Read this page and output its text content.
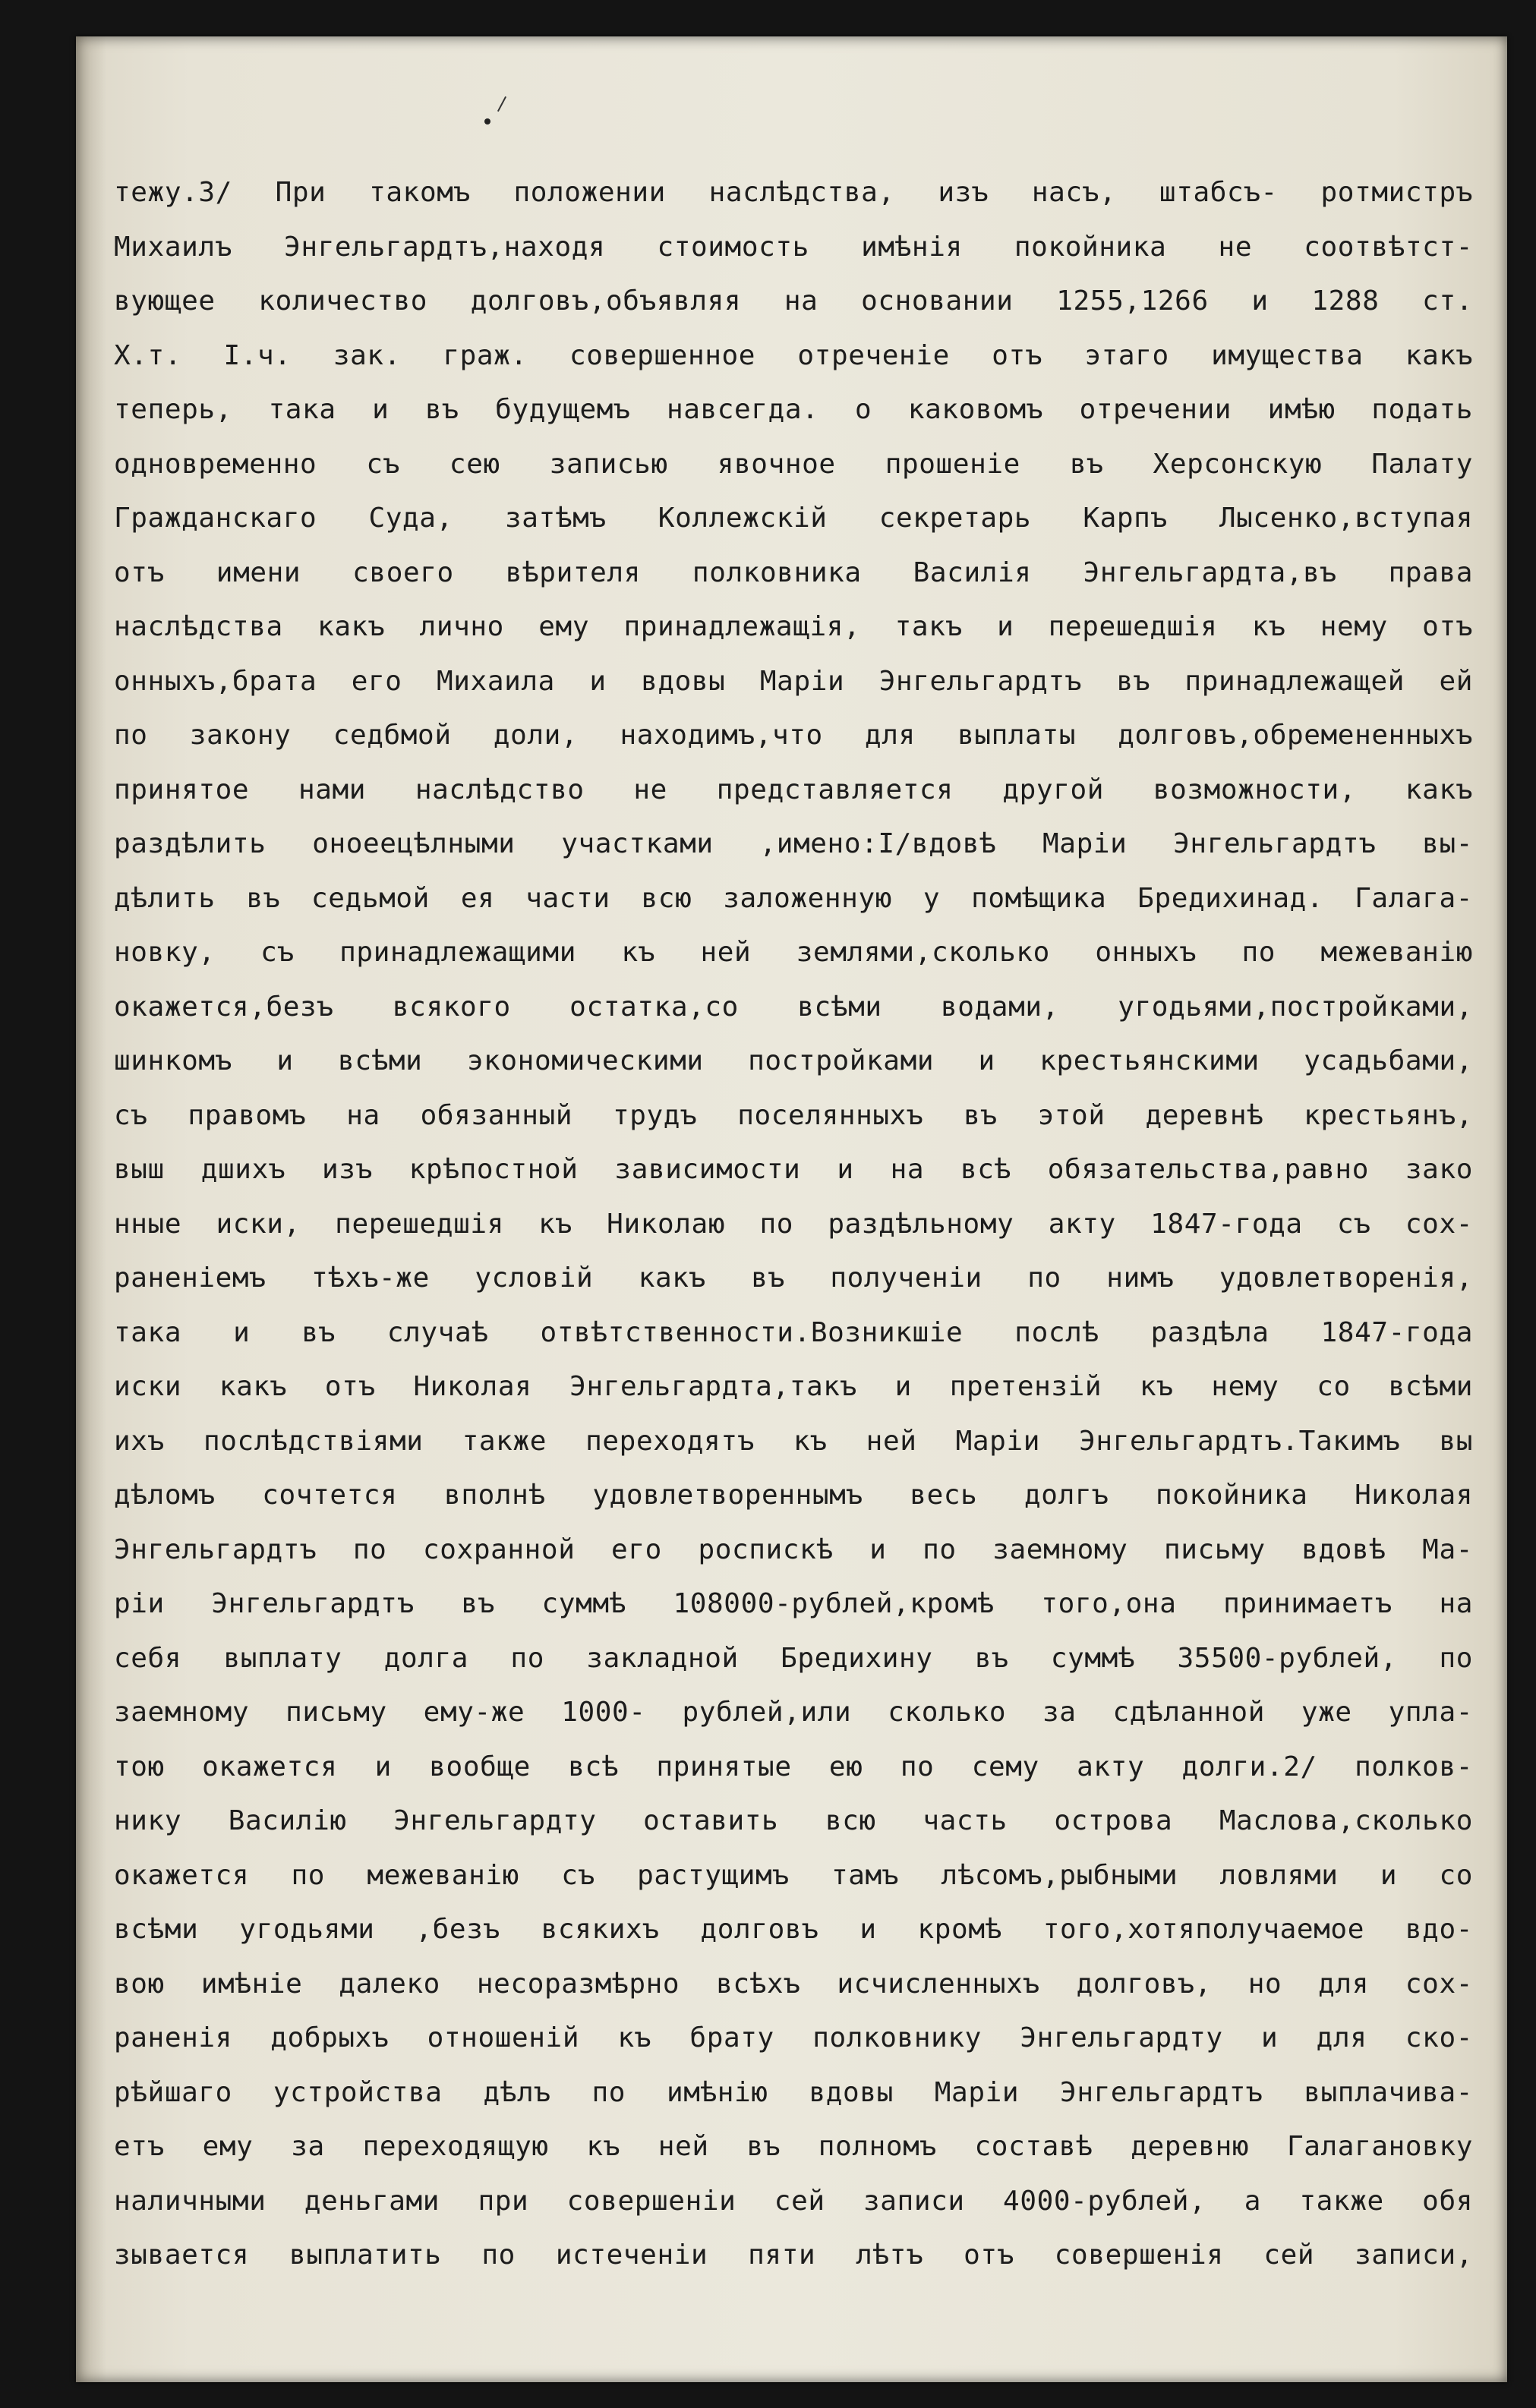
тежу.3/ При такомъ положении наслѣдства, изъ насъ, штабсъ- ротмистръ
Михаилъ Энгельгардтъ,находя стоимость имѣнія покойника не соотвѣтст-
вующее количество долговъ,объявляя на основании 1255,1266 и 1288 ст.
Х.т. I.ч. зак. граж. совершенное отреченіе отъ этаго имущества какъ
теперь, така и въ будущемъ навсегда. о каковомъ отречении имѣю подать
одновременно съ сею записью явочное прошеніе въ Херсонскую Палату
Гражданскаго Суда, затѣмъ Коллежскій секретарь Карпъ Лысенко,вступая
отъ имени своего вѣрителя полковника Василія Энгельгардта,въ права
наслѣдства какъ лично ему принадлежащія, такъ и перешедшія къ нему отъ
онныхъ,брата его Михаила и вдовы Маріи Энгельгардтъ въ принадлежащей ей
по закону седбмой доли, находимъ,что для выплаты долговъ,обремененныхъ
принятое нами наслѣдство не представляется другой возможности, какъ
раздѣлить оноеецѣлными участками ,имено:I/вдовѣ Маріи Энгельгардтъ вы-
дѣлить въ седьмой ея части всю заложенную у помѣщика Бредихинад. Галага-
новку, съ принадлежащими къ ней землями,сколько онныхъ по межеванію
окажется,безъ всякого остатка,со всѣми водами, угодьями,постройками,
шинкомъ и всѣми экономическими постройками и крестьянскими усадьбами,
съ правомъ на обязанный трудъ поселянныхъ въ этой деревнѣ крестьянъ,
выш дшихъ изъ крѣпостной зависимости и на всѣ обязательства,равно зако
нные иски, перешедшія къ Николаю по раздѣльному акту 1847-года съ сох-
раненіемъ тѣхъ-же условій какъ въ полученіи по нимъ удовлетворенія,
така и въ случаѣ отвѣтственности.Возникшіе послѣ раздѣла 1847-года
иски какъ отъ Николая Энгельгардта,такъ и претензій къ нему со всѣми
ихъ послѣдствіями также переходятъ къ ней Маріи Энгельгардтъ.Такимъ вы
дѣломъ сочтется вполнѣ удовлетвореннымъ весь долгъ покойника Николая
Энгельгардтъ по сохранной его роспискѣ и по заемному письму вдовѣ Ма-
ріи Энгельгардтъ въ суммѣ 108000-рублей,кромѣ того,она принимаетъ на
себя выплату долга по закладной Бредихину въ суммѣ 35500-рублей, по
заемному письму ему-же 1000- рублей,или сколько за сдѣланной уже упла-
тою окажется и вообще всѣ принятые ею по сему акту долги.2/ полков-
нику Василію Энгельгардту оставить всю часть острова Маслова,сколько
окажется по межеванію съ растущимъ тамъ лѣсомъ,рыбными ловлями и со
всѣми угодьями ,безъ всякихъ долговъ и кромѣ того,хотяполучаемое вдо-
вою имѣніе далеко несоразмѣрно всѣхъ исчисленныхъ долговъ, но для сох-
раненія добрыхъ отношеній къ брату полковнику Энгельгардту и для ско-
рѣйшаго устройства дѣлъ по имѣнію вдовы Маріи Энгельгардтъ выплачива-
етъ ему за переходящую къ ней въ полномъ составѣ деревню Галагановку
наличными деньгами при совершеніи сей записи 4000-рублей, а также обя
зывается выплатить по истеченіи пяти лѣтъ отъ совершенія сей записи,
